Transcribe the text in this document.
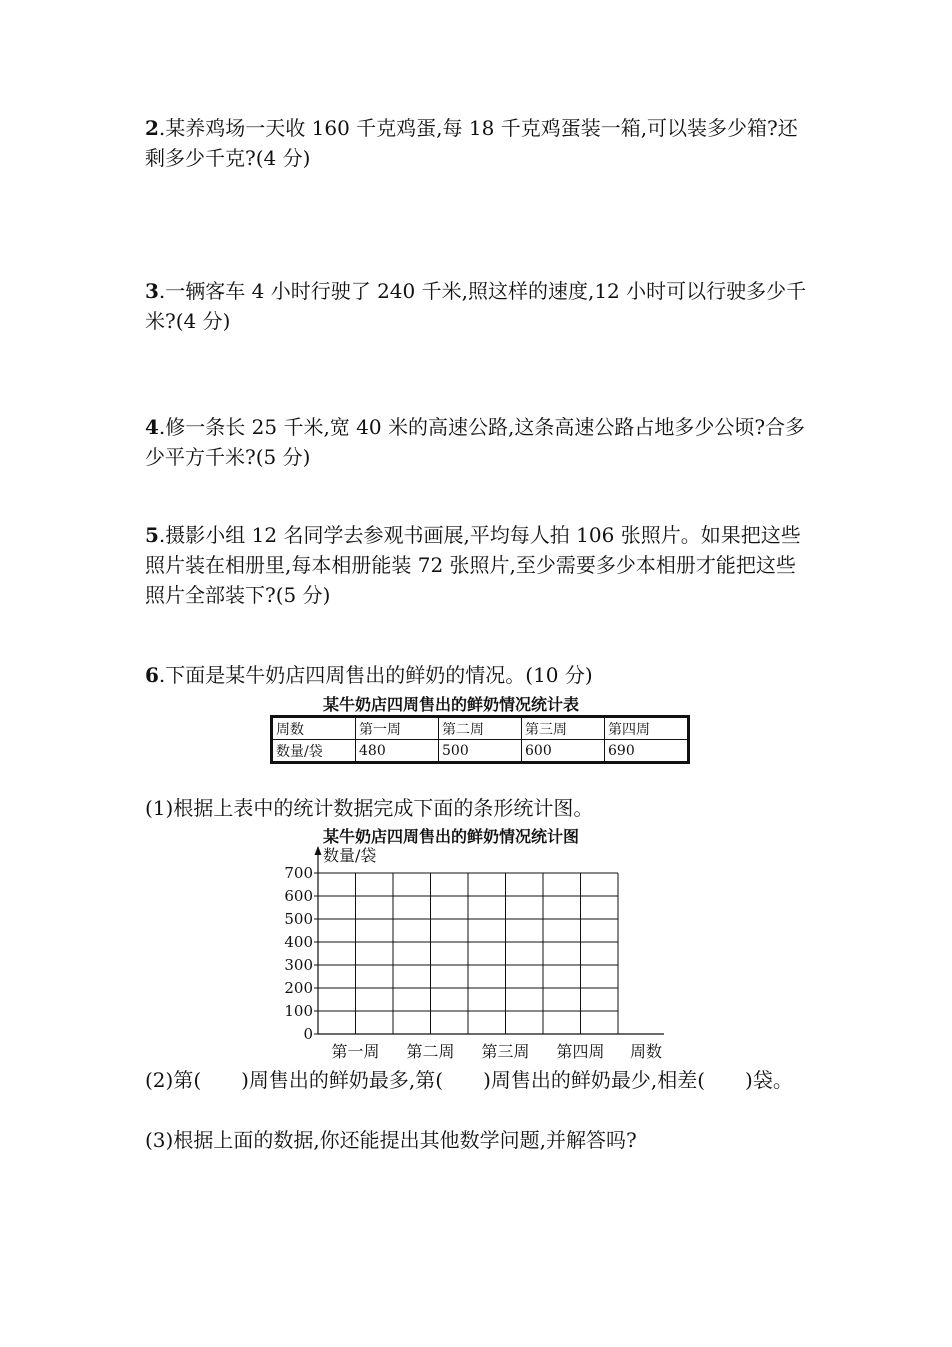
2.某养鸡场一天收 160 千克鸡蛋,每 18 千克鸡蛋装一箱,可以装多少箱?还剩多少千克?(4 分)
3.一辆客车 4 小时行驶了 240 千米,照这样的速度,12 小时可以行驶多少千米?(4 分)
4.修一条长 25 千米,宽 40 米的高速公路,这条高速公路占地多少公顷?合多少平方千米?(5 分)
5.摄影小组 12 名同学去参观书画展,平均每人拍 106 张照片。如果把这些照片装在相册里,每本相册能装 72 张照片,至少需要多少本相册才能把这些照片全部装下?(5 分)
6.下面是某牛奶店四周售出的鲜奶的情况。(10 分)
某牛奶店四周售出的鲜奶情况统计表
周数	第一周	第二周	第三周	第四周
数量/袋	480	500	600	690
(1)根据上表中的统计数据完成下面的条形统计图。
某牛奶店四周售出的鲜奶情况统计图
0
100
200
300
400
500
600
700
数量/袋
周数
第一周 第二周 第三周 第四周
(2)第(　　)周售出的鲜奶最多,第(　　)周售出的鲜奶最少,相差(　　)袋。
(3)根据上面的数据,你还能提出其他数学问题,并解答吗?
